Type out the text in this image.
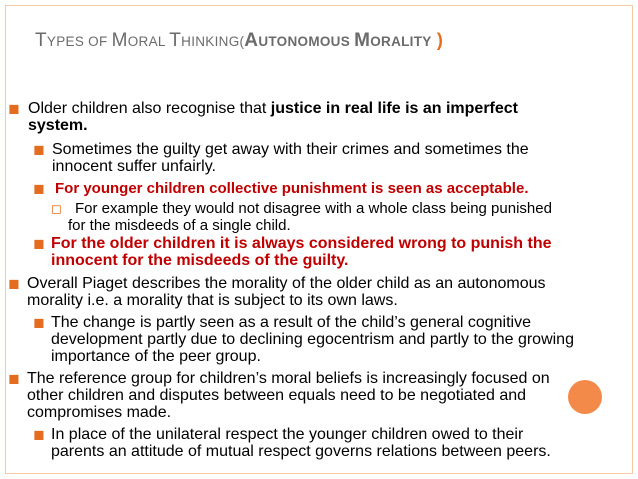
TYPES OF MORAL THINKING(AUTONOMOUS MORALITY )
◼ Older children also recognise that justice in real life is an imperfect
system.
◼ Sometimes the guilty get away with their crimes and sometimes the
innocent suffer unfairly.
◼ For younger children collective punishment is seen as acceptable.
◻ For example they would not disagree with a whole class being punished
for the misdeeds of a single child.
◼ For the older children it is always considered wrong to punish the
innocent for the misdeeds of the guilty.
◼ Overall Piaget describes the morality of the older child as an autonomous
morality i.e. a morality that is subject to its own laws.
◼ The change is partly seen as a result of the child’s general cognitive
development partly due to declining egocentrism and partly to the growing
importance of the peer group.
◼ The reference group for children’s moral beliefs is increasingly focused on
other children and disputes between equals need to be negotiated and
compromises made.
◼ In place of the unilateral respect the younger children owed to their
parents an attitude of mutual respect governs relations between peers.
